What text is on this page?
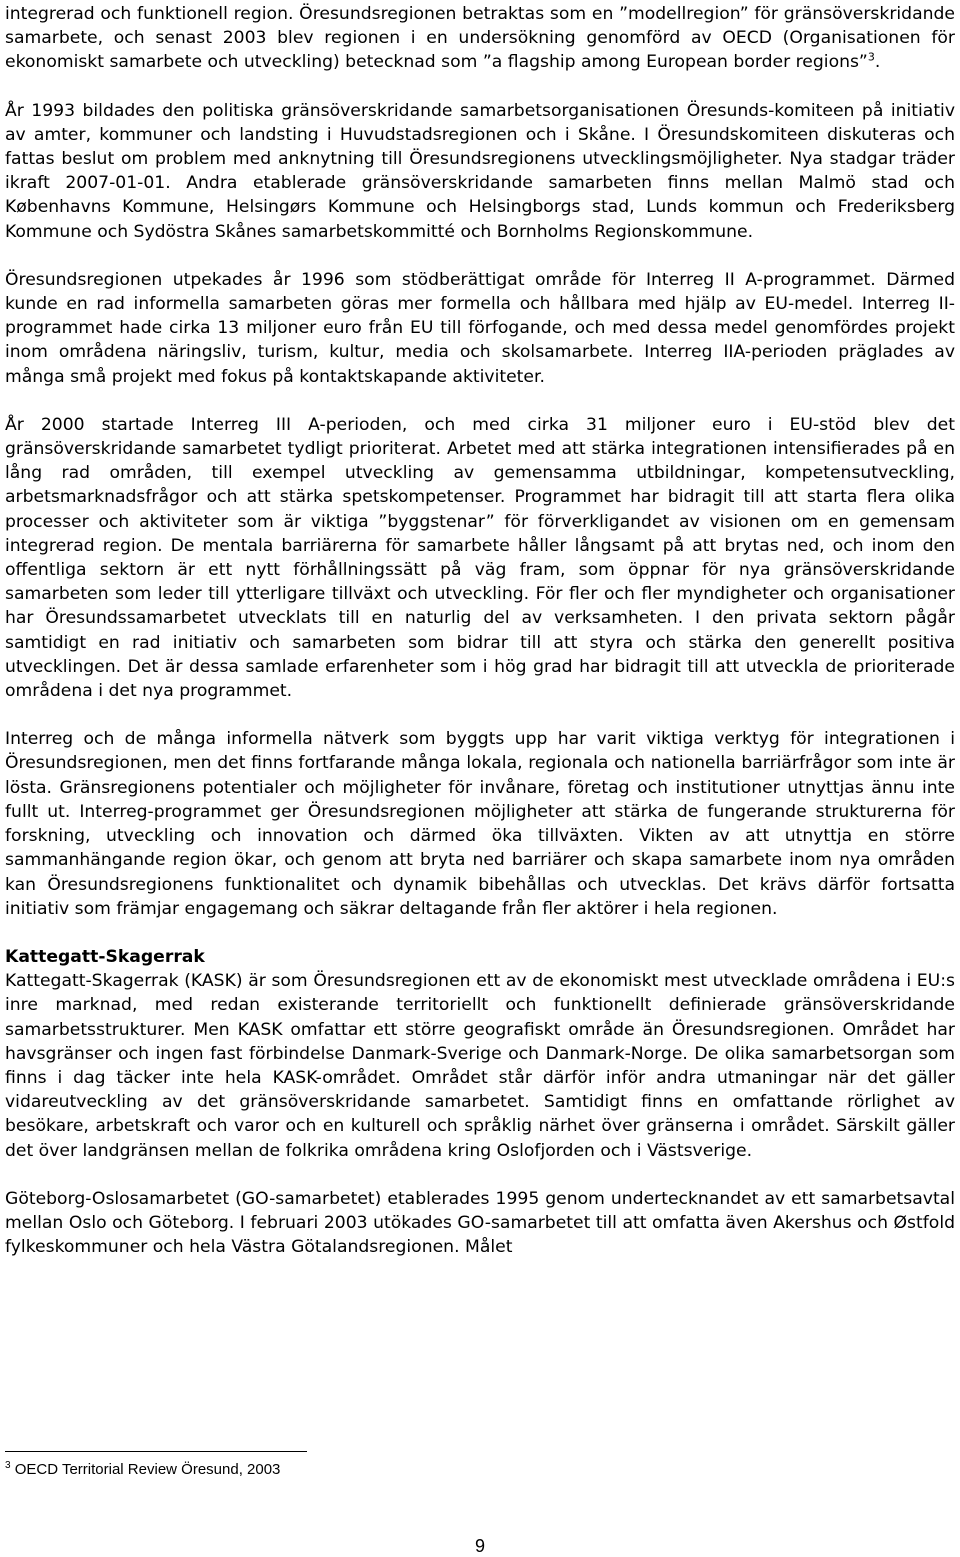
integrerad och funktionell region. Öresundsregionen betraktas som en ”modellregion” för gränsöverskridande samarbete, och senast 2003 blev regionen i en undersökning genomförd av OECD (Organisationen för ekonomiskt samarbete och utveckling) betecknad som ”a flagship among European border regions”$^3$.

År 1993 bildades den politiska gränsöverskridande samarbetsorganisationen Öresunds-komiteen på initiativ av amter, kommuner och landsting i Huvudstadsregionen och i Skåne. I Öresundskomiteen diskuteras och fattas beslut om problem med anknytning till Öresundsregionens utvecklingsmöjligheter. Nya stadgar träder ikraft 2007-01-01. Andra etablerade gränsöverskridande samarbeten finns mellan Malmö stad och Københavns Kommune, Helsingørs Kommune och Helsingborgs stad, Lunds kommun och Frederiksberg Kommune och Sydöstra Skånes samarbetskommitté och Bornholms Regionskommune.

Öresundsregionen utpekades år 1996 som stödberättigat område för Interreg II A-programmet. Därmed kunde en rad informella samarbeten göras mer formella och hållbara med hjälp av EU-medel. Interreg II-programmet hade cirka 13 miljoner euro från EU till förfogande, och med dessa medel genomfördes projekt inom områdena näringsliv, turism, kultur, media och skolsamarbete. Interreg IIA-perioden präglades av många små projekt med fokus på kontaktskapande aktiviteter.

År 2000 startade Interreg III A-perioden, och med cirka 31 miljoner euro i EU-stöd blev det gränsöverskridande samarbetet tydligt prioriterat. Arbetet med att stärka integrationen intensifierades på en lång rad områden, till exempel utveckling av gemensamma utbildningar, kompetensutveckling, arbetsmarknadsfrågor och att stärka spetskompetenser. Programmet har bidragit till att starta flera olika processer och aktiviteter som är viktiga ”byggstenar” för förverkligandet av visionen om en gemensam integrerad region. De mentala barriärerna för samarbete håller långsamt på att brytas ned, och inom den offentliga sektorn är ett nytt förhållningssätt på väg fram, som öppnar för nya gränsöverskridande samarbeten som leder till ytterligare tillväxt och utveckling. För fler och fler myndigheter och organisationer har Öresundssamarbetet utvecklats till en naturlig del av verksamheten. I den privata sektorn pågår samtidigt en rad initiativ och samarbeten som bidrar till att styra och stärka den generellt positiva utvecklingen. Det är dessa samlade erfarenheter som i hög grad har bidragit till att utveckla de prioriterade områdena i det nya programmet.

Interreg och de många informella nätverk som byggts upp har varit viktiga verktyg för integrationen i Öresundsregionen, men det finns fortfarande många lokala, regionala och nationella barriärfrågor som inte är lösta. Gränsregionens potentialer och möjligheter för invånare, företag och institutioner utnyttjas ännu inte fullt ut. Interreg-programmet ger Öresundsregionen möjligheter att stärka de fungerande strukturerna för forskning, utveckling och innovation och därmed öka tillväxten. Vikten av att utnyttja en större sammanhängande region ökar, och genom att bryta ned barriärer och skapa samarbete inom nya områden kan Öresundsregionens funktionalitet och dynamik bibehållas och utvecklas. Det krävs därför fortsatta initiativ som främjar engagemang och säkrar deltagande från fler aktörer i hela regionen.

Kattegatt-Skagerrak

Kattegatt-Skagerrak (KASK) är som Öresundsregionen ett av de ekonomiskt mest utvecklade områdena i EU:s inre marknad, med redan existerande territoriellt och funktionellt definierade gränsöverskridande samarbetsstrukturer. Men KASK omfattar ett större geografiskt område än Öresundsregionen. Området har havsgränser och ingen fast förbindelse Danmark-Sverige och Danmark-Norge. De olika samarbetsorgan som finns i dag täcker inte hela KASK-området. Området står därför inför andra utmaningar när det gäller vidareutveckling av det gränsöverskridande samarbetet. Samtidigt finns en omfattande rörlighet av besökare, arbetskraft och varor och en kulturell och språklig närhet över gränserna i området. Särskilt gäller det över landgränsen mellan de folkrika områdena kring Oslofjorden och i Västsverige.

Göteborg-Oslosamarbetet (GO-samarbetet) etablerades 1995 genom undertecknandet av ett samarbetsavtal mellan Oslo och Göteborg. I februari 2003 utökades GO-samarbetet till att omfatta även Akershus och Østfold fylkeskommuner och hela Västra Götalandsregionen. Målet

$^3$ OECD Territorial Review Öresund, 2003
9
